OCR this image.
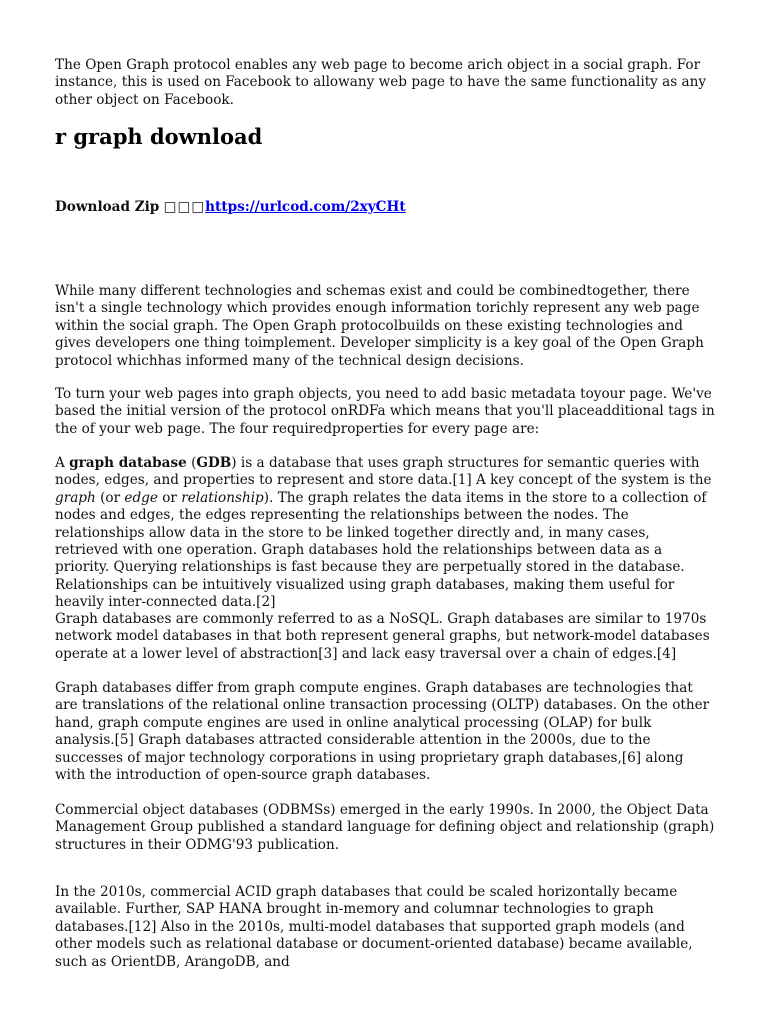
The Open Graph protocol enables any web page to become arich object in a social graph. For instance, this is used on Facebook to allowany web page to have the same functionality as any other object on Facebook.

r graph download
Download Zip □□□https://urlcod.com/2xyCHt

While many different technologies and schemas exist and could be combinedtogether, there isn't a single technology which provides enough information torichly represent any web page within the social graph. The Open Graph protocolbuilds on these existing technologies and gives developers one thing toimplement. Developer simplicity is a key goal of the Open Graph protocol whichhas informed many of the technical design decisions.

To turn your web pages into graph objects, you need to add basic metadata toyour page. We've based the initial version of the protocol onRDFa which means that you'll placeadditional tags in the of your web page. The four requiredproperties for every page are:

A graph database (GDB) is a database that uses graph structures for semantic queries with nodes, edges, and properties to represent and store data.[1] A key concept of the system is the graph (or edge or relationship). The graph relates the data items in the store to a collection of nodes and edges, the edges representing the relationships between the nodes. The relationships allow data in the store to be linked together directly and, in many cases, retrieved with one operation. Graph databases hold the relationships between data as a priority. Querying relationships is fast because they are perpetually stored in the database. Relationships can be intuitively visualized using graph databases, making them useful for heavily inter-connected data.[2]

Graph databases are commonly referred to as a NoSQL. Graph databases are similar to 1970s network model databases in that both represent general graphs, but network-model databases operate at a lower level of abstraction[3] and lack easy traversal over a chain of edges.[4]

Graph databases differ from graph compute engines. Graph databases are technologies that are translations of the relational online transaction processing (OLTP) databases. On the other hand, graph compute engines are used in online analytical processing (OLAP) for bulk analysis.[5] Graph databases attracted considerable attention in the 2000s, due to the successes of major technology corporations in using proprietary graph databases,[6] along with the introduction of open-source graph databases.

Commercial object databases (ODBMSs) emerged in the early 1990s. In 2000, the Object Data Management Group published a standard language for defining object and relationship (graph) structures in their ODMG'93 publication.

In the 2010s, commercial ACID graph databases that could be scaled horizontally became available. Further, SAP HANA brought in-memory and columnar technologies to graph databases.[12] Also in the 2010s, multi-model databases that supported graph models (and other models such as relational database or document-oriented database) became available, such as OrientDB, ArangoDB, and
